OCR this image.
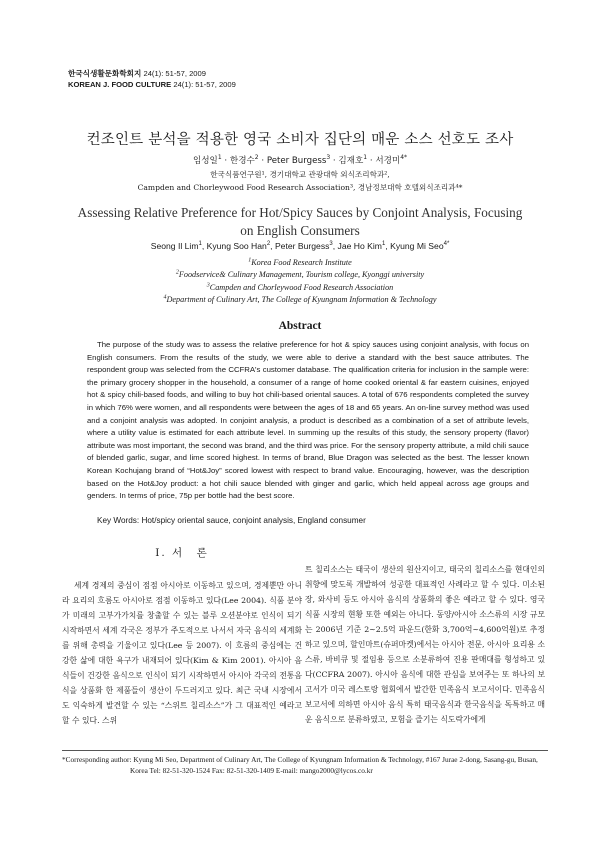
한국식생활문화학회지 24(1): 51-57, 2009
KOREAN J. FOOD CULTURE 24(1): 51-57, 2009
컨조인트 분석을 적용한 영국 소비자 집단의 매운 소스 선호도 조사
임성일$^1$ · 한경수$^2$ · Peter Burgess$^3$ · 김재호$^1$ · 서경미$^{4*}$
한국식품연구원¹, 경기대학교 관광대학 외식조리학과²,
Campden and Chorleywood Food Research Association³, 경남정보대학 호텔외식조리과⁴*
Assessing Relative Preference for Hot/Spicy Sauces by Conjoint Analysis, Focusing on English Consumers
Seong Il Lim$^1$, Kyung Soo Han$^2$, Peter Burgess$^3$, Jae Ho Kim$^1$, Kyung Mi Seo$^{4*}$
$^1$Korea Food Research Institute
$^2$Foodservice& Culinary Management, Tourism college, Kyonggi university
$^3$Campden and Chorleywood Food Research Association
$^4$Department of Culinary Art, The College of Kyungnam Information & Technology
Abstract
The purpose of the study was to assess the relative preference for hot & spicy sauces using conjoint analysis, with focus on English consumers. From the results of the study, we were able to derive a standard with the best sauce attributes. The respondent group was selected from the CCFRA's customer database. The qualification criteria for inclusion in the sample were: the primary grocery shopper in the household, a consumer of a range of home cooked oriental & far eastern cuisines, enjoyed hot & spicy chili-based foods, and willing to buy hot chili-based oriental sauces. A total of 676 respondents completed the survey in which 76% were women, and all respondents were between the ages of 18 and 65 years. An on-line survey method was used and a conjoint analysis was adopted. In conjoint analysis, a product is described as a combination of a set of attribute levels, where a utility value is estimated for each attribute level. In summing up the results of this study, the sensory property (flavor) attribute was most important, the second was brand, and the third was price. For the sensory property attribute, a mild chili sauce of blended garlic, sugar, and lime scored highest. In terms of brand, Blue Dragon was selected as the best. The lesser known Korean Kochujang brand of “Hot&Joy” scored lowest with respect to brand value. Encouraging, however, was the description based on the Hot&Joy product: a hot chili sauce blended with ginger and garlic, which held appeal across age groups and genders. In terms of price, 75p per bottle had the best score.
Key Words: Hot/spicy oriental sauce, conjoint analysis, England consumer
I. 서　론
세계 경제의 중심이 점점 아시아로 이동하고 있으며, 경제뿐만 아니라 요리의 흐름도 아시아로 점점 이동하고 있다(Lee 2004). 식품 분야가 미래의 고부가가치를 창출할 수 있는 블루 오션분야로 인식이 되기 시작하면서 세계 각국은 정부가 주도적으로 나서서 자국 음식의 세계화를 위해 총력을 기울이고 있다(Lee 등 2007). 이 흐름의 중심에는 건강한 삶에 대한 욕구가 내재되어 있다(Kim & Kim 2001). 아시아 음식들이 건강한 음식으로 인식이 되기 시작하면서 아시아 각국의 전통음식을 상품화 한 제품들이 생산이 두드러지고 있다. 최근 국내 시장에서도 익숙하게 발견할 수 있는 “스위트 칠리소스”가 그 대표적인 예라고 할 수 있다. 스위
트 칠리소스는 태국이 생산의 원산지이고, 태국의 칠리소스를 현대인의 취향에 맞도록 개발하여 성공한 대표적인 사례라고 할 수 있다. 미소된장, 와사비 등도 아시아 음식의 상품화의 좋은 예라고 할 수 있다. 영국 식품 시장의 현황 또한 예외는 아니다. 동양/아시아 소스류의 시장 규모는 2006년 기준 2~2.5억 파운드(한화 3,700억~4,600억원)로 추정하고 있으며, 할인마트(슈퍼마켓)에서는 아시아 전문, 아시아 요리용 소스류, 바비큐 및 절임용 등으로 소분류하여 진용 판매대를 형성하고 있다(CCFRA 2007). 아시아 음식에 대한 관심을 보여주는 또 하나의 보고서가 미국 레스토랑 협회에서 발간한 민족음식 보고서이다. 민족음식 보고서에 의하면 아시아 음식 특히 태국음식과 한국음식을 독특하고 매운 음식으로 분류하였고, 모험을 즐기는 식도락가에게
*Corresponding author: Kyung Mi Seo, Department of Culinary Art, The College of Kyungnam Information & Technology, #167 Jurae 2-dong, Sasang-gu, Busan,
Korea Tel: 82-51-320-1524 Fax: 82-51-320-1409 E-mail: mango2000@lycos.co.kr
